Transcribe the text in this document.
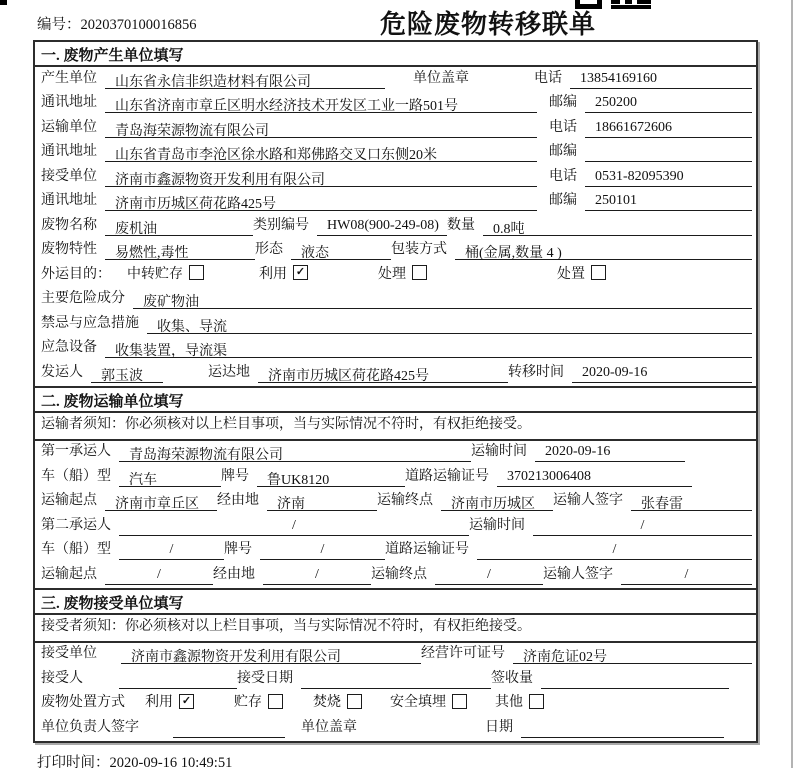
编号：2020370100016856	危险废物转移联单
一. 废物产生单位填写
产生单位	山东省永信非织造材料有限公司	单位盖章	电话	13854169160
通讯地址	山东省济南市章丘区明水经济技术开发区工业一路501号	邮编	250200
运输单位	青岛海荣源物流有限公司	电话	18661672606
通讯地址	山东省青岛市李沧区徐水路和郑佛路交叉口东侧20米	邮编
接受单位	济南市鑫源物资开发利用有限公司	电话	0531-82095390
通讯地址	济南市历城区荷花路425号	邮编	250101
废物名称	废机油	类别编号	HW08(900-249-08) 数量	0.8吨
废物特性	易燃性,毒性	形态	液态	包装方式	桶(金属,数量 4 )
外运目的： 中转贮存	利用 ✓	处理	处置
主要危险成分	废矿物油
禁忌与应急措施	收集、导流
应急设备	收集装置，导流渠
发运人	郭玉波	运达地	济南市历城区荷花路425号	转移时间	2020-09-16
二. 废物运输单位填写
运输者须知：你必须核对以上栏目事项，当与实际情况不符时，有权拒绝接受。
第一承运人	青岛海荣源物流有限公司	运输时间	2020-09-16
车（船）型	汽车	牌号	鲁UK8120	道路运输证号	370213006408
运输起点	济南市章丘区	经由地	济南	运输终点	济南市历城区	运输人签字	张春雷
第二承运人	/	运输时间	/
车（船）型	/	牌号	/	道路运输证号	/
运输起点	/	经由地	/	运输终点	/	运输人签字	/
三. 废物接受单位填写
接受者须知：你必须核对以上栏目事项，当与实际情况不符时，有权拒绝接受。
接受单位	济南市鑫源物资开发利用有限公司	经营许可证号	济南危证02号
接受人	接受日期	签收量
废物处置方式 利用 ✓	贮存	焚烧	安全填埋	其他
单位负责人签字	单位盖章	日期
打印时间：2020-09-16 10:49:51
